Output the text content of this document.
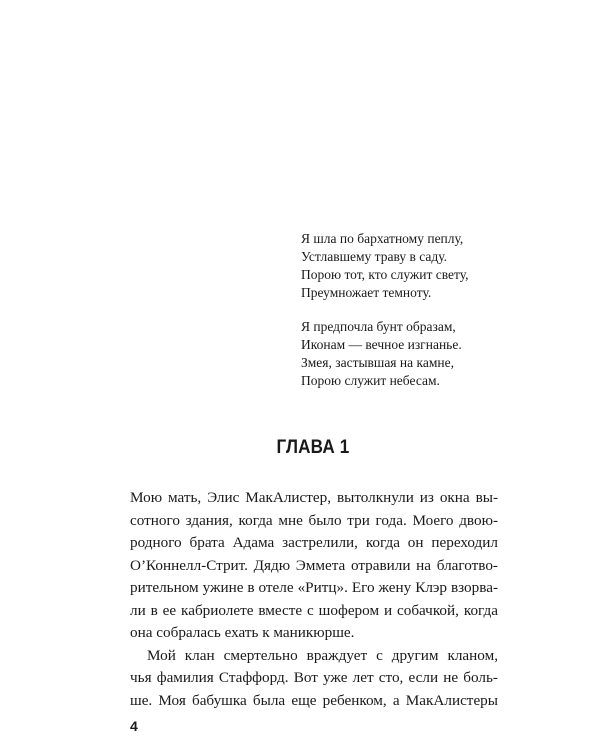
Я шла по бархатному пеплу,
Устлавшему траву в саду.
Порою тот, кто служит свету,
Преумножает темноту.
Я предпочла бунт образам,
Иконам — вечное изгнанье.
Змея, застывшая на камне,
Порою служит небесам.
ГЛАВА 1
Мою мать, Элис МакАлистер, вытолкнули из окна вы-
сотного здания, когда мне было три года. Моего двою-
родного брата Адама застрелили, когда он переходил
О’Коннелл-Стрит. Дядю Эммета отравили на благотво-
рительном ужине в отеле «Ритц». Его жену Клэр взорва-
ли в ее кабриолете вместе с шофером и собачкой, когда
она собралась ехать к маникюрше.
Мой клан смертельно враждует с другим кланом,
чья фамилия Стаффорд. Вот уже лет сто, если не боль-
ше. Моя бабушка была еще ребенком, а МакАлистеры
4
